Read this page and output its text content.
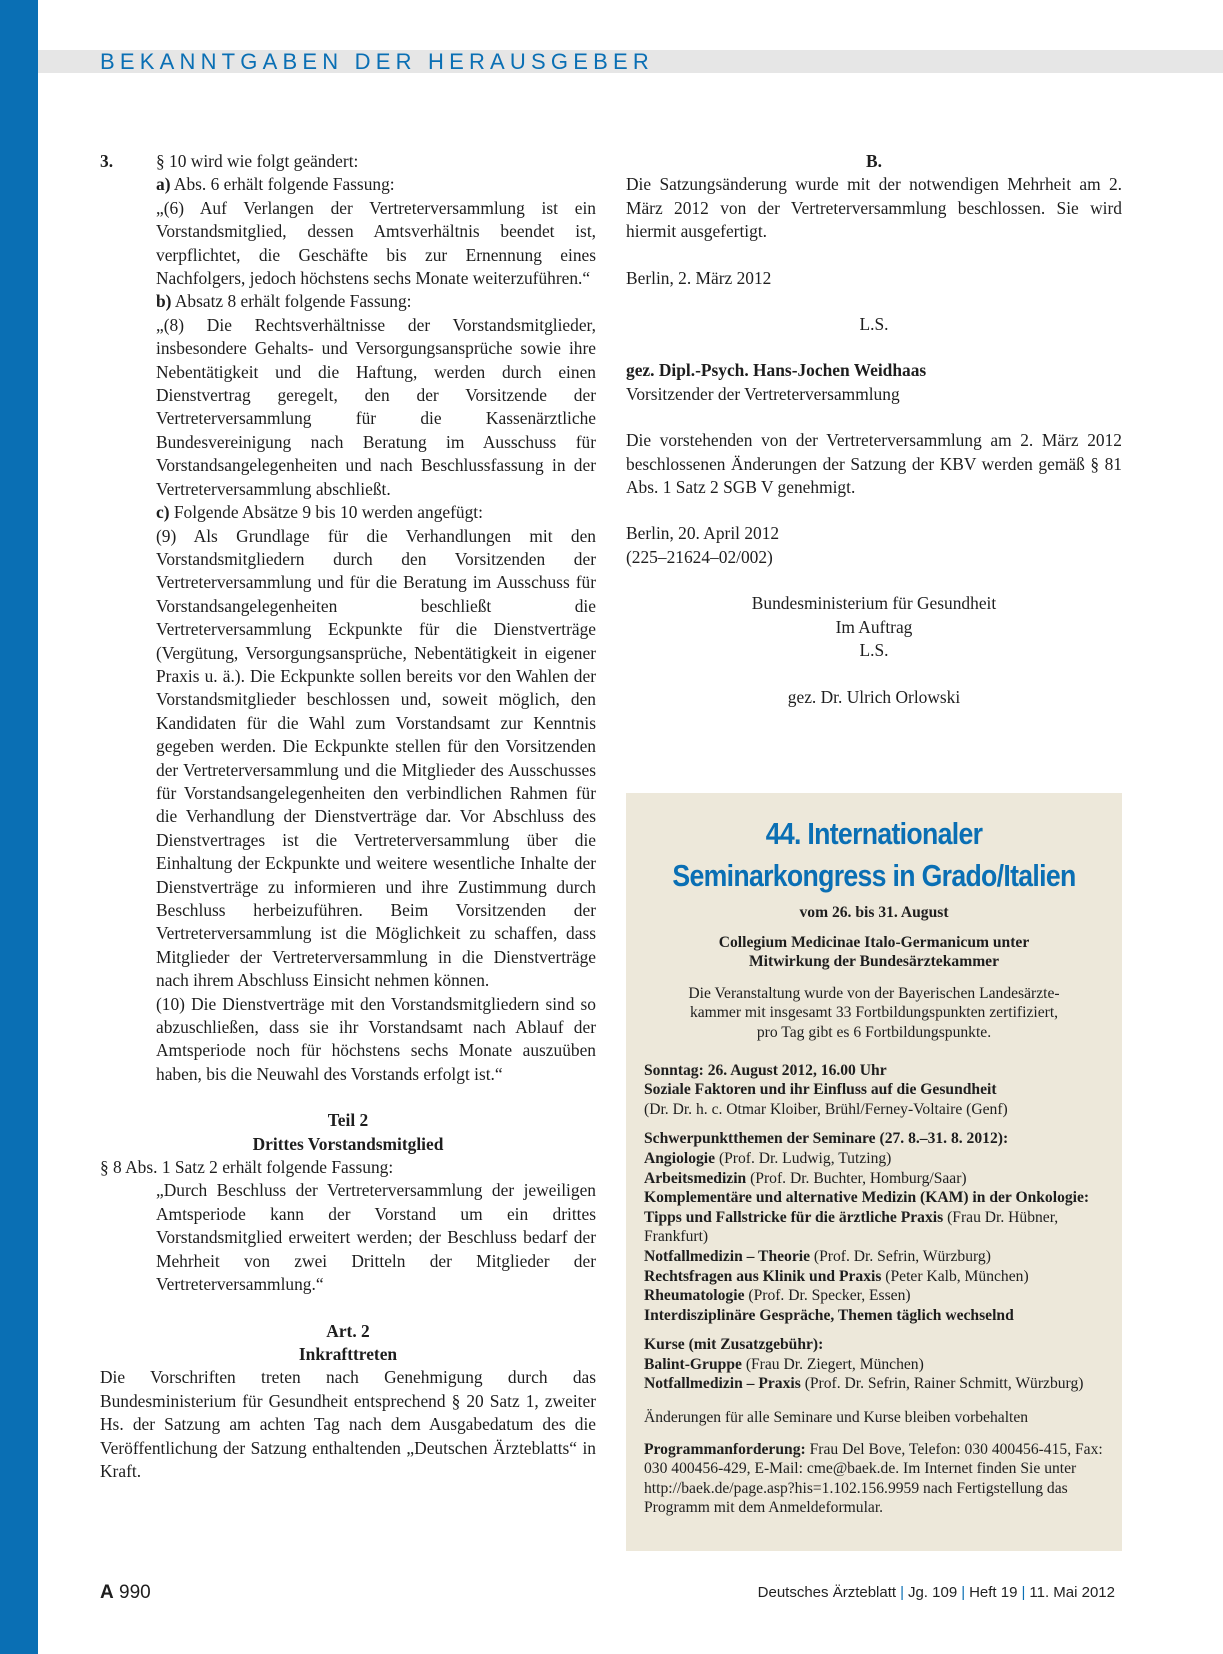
BEKANNTGABEN DER HERAUSGEBER
3. § 10 wird wie folgt geändert:

a) Abs. 6 erhält folgende Fassung:

„(6) Auf Verlangen der Vertreterversammlung ist ein Vorstandsmitglied, dessen Amtsverhältnis beendet ist, verpflichtet, die Geschäfte bis zur Ernennung eines Nachfolgers, jedoch höchstens sechs Monate weiterzuführen.“

b) Absatz 8 erhält folgende Fassung:

„(8) Die Rechtsverhältnisse der Vorstandsmitglieder, insbesondere Gehalts- und Versorgungsansprüche sowie ihre Nebentätigkeit und die Haftung, werden durch einen Dienstvertrag geregelt, den der Vorsitzende der Vertreterversammlung für die Kassenärztliche Bundesvereinigung nach Beratung im Ausschuss für Vorstandsangelegenheiten und nach Beschlussfassung in der Vertreterversammlung abschließt.

c) Folgende Absätze 9 bis 10 werden angefügt:

(9) Als Grundlage für die Verhandlungen mit den Vorstandsmitgliedern durch den Vorsitzenden der Vertreterversammlung und für die Beratung im Ausschuss für Vorstandsangelegenheiten beschließt die Vertreterversammlung Eckpunkte für die Dienstverträge (Vergütung, Versorgungsansprüche, Nebentätigkeit in eigener Praxis u. ä.). Die Eckpunkte sollen bereits vor den Wahlen der Vorstandsmitglieder beschlossen und, soweit möglich, den Kandidaten für die Wahl zum Vorstandsamt zur Kenntnis gegeben werden. Die Eckpunkte stellen für den Vorsitzenden der Vertreterversammlung und die Mitglieder des Ausschusses für Vorstandsangelegenheiten den verbindlichen Rahmen für die Verhandlung der Dienstverträge dar. Vor Abschluss des Dienstvertrages ist die Vertreterversammlung über die Einhaltung der Eckpunkte und weitere wesentliche Inhalte der Dienstverträge zu informieren und ihre Zustimmung durch Beschluss herbeizuführen. Beim Vorsitzenden der Vertreterversammlung ist die Möglichkeit zu schaffen, dass Mitglieder der Vertreterversammlung in die Dienstverträge nach ihrem Abschluss Einsicht nehmen können.

(10) Die Dienstverträge mit den Vorstandsmitgliedern sind so abzuschließen, dass sie ihr Vorstandsamt nach Ablauf der Amtsperiode noch für höchstens sechs Monate auszuüben haben, bis die Neuwahl des Vorstands erfolgt ist.“

Teil 2

Drittes Vorstandsmitglied

§ 8 Abs. 1 Satz 2 erhält folgende Fassung:

„Durch Beschluss der Vertreterversammlung der jeweiligen Amtsperiode kann der Vorstand um ein drittes Vorstandsmitglied erweitert werden; der Beschluss bedarf der Mehrheit von zwei Dritteln der Mitglieder der Vertreterversammlung.“

Art. 2

Inkrafttreten

Die Vorschriften treten nach Genehmigung durch das Bundesministerium für Gesundheit entsprechend § 20 Satz 1, zweiter Hs. der Satzung am achten Tag nach dem Ausgabedatum des die Veröffentlichung der Satzung enthaltenden „Deutschen Ärzteblatts“ in Kraft.

B.

Die Satzungsänderung wurde mit der notwendigen Mehrheit am 2. März 2012 von der Vertreterversammlung beschlossen. Sie wird hiermit ausgefertigt.

Berlin, 2. März 2012

L.S.

gez. Dipl.-Psych. Hans-Jochen Weidhaas

Vorsitzender der Vertreterversammlung

Die vorstehenden von der Vertreterversammlung am 2. März 2012 beschlossenen Änderungen der Satzung der KBV werden gemäß § 81 Abs. 1 Satz 2 SGB V genehmigt.

Berlin, 20. April 2012

(225–21624–02/002)

Bundesministerium für Gesundheit

Im Auftrag

L.S.

gez. Dr. Ulrich Orlowski

44. Internationaler
Seminarkongress in Grado/Italien

vom 26. bis 31. August

Collegium Medicinae Italo-Germanicum unter

Mitwirkung der Bundesärztekammer

Die Veranstaltung wurde von der Bayerischen Landesärzte-

kammer mit insgesamt 33 Fortbildungspunkten zertifiziert,

pro Tag gibt es 6 Fortbildungspunkte.

Sonntag: 26. August 2012, 16.00 Uhr

Soziale Faktoren und ihr Einfluss auf die Gesundheit

(Dr. Dr. h. c. Otmar Kloiber, Brühl/Ferney-Voltaire (Genf)

Schwerpunktthemen der Seminare (27. 8.–31. 8. 2012):

Angiologie (Prof. Dr. Ludwig, Tutzing)

Arbeitsmedizin (Prof. Dr. Buchter, Homburg/Saar)

Komplementäre und alternative Medizin (KAM) in der Onkologie: Tipps und Fallstricke für die ärztliche Praxis (Frau Dr. Hübner, Frankfurt)

Notfallmedizin – Theorie (Prof. Dr. Sefrin, Würzburg)

Rechtsfragen aus Klinik und Praxis (Peter Kalb, München)

Rheumatologie (Prof. Dr. Specker, Essen)

Interdisziplinäre Gespräche, Themen täglich wechselnd

Kurse (mit Zusatzgebühr):

Balint-Gruppe (Frau Dr. Ziegert, München)

Notfallmedizin – Praxis (Prof. Dr. Sefrin, Rainer Schmitt, Würzburg)

Änderungen für alle Seminare und Kurse bleiben vorbehalten

Programmanforderung: Frau Del Bove, Telefon: 030 400456-415, Fax: 030 400456-429, E-Mail: cme@baek.de. Im Internet finden Sie unter http://baek.de/page.asp?his=1.102.156.9959 nach Fertigstellung das Programm mit dem Anmeldeformular.

A 990	Deutsches Ärzteblatt | Jg. 109 | Heft 19 | 11. Mai 2012
